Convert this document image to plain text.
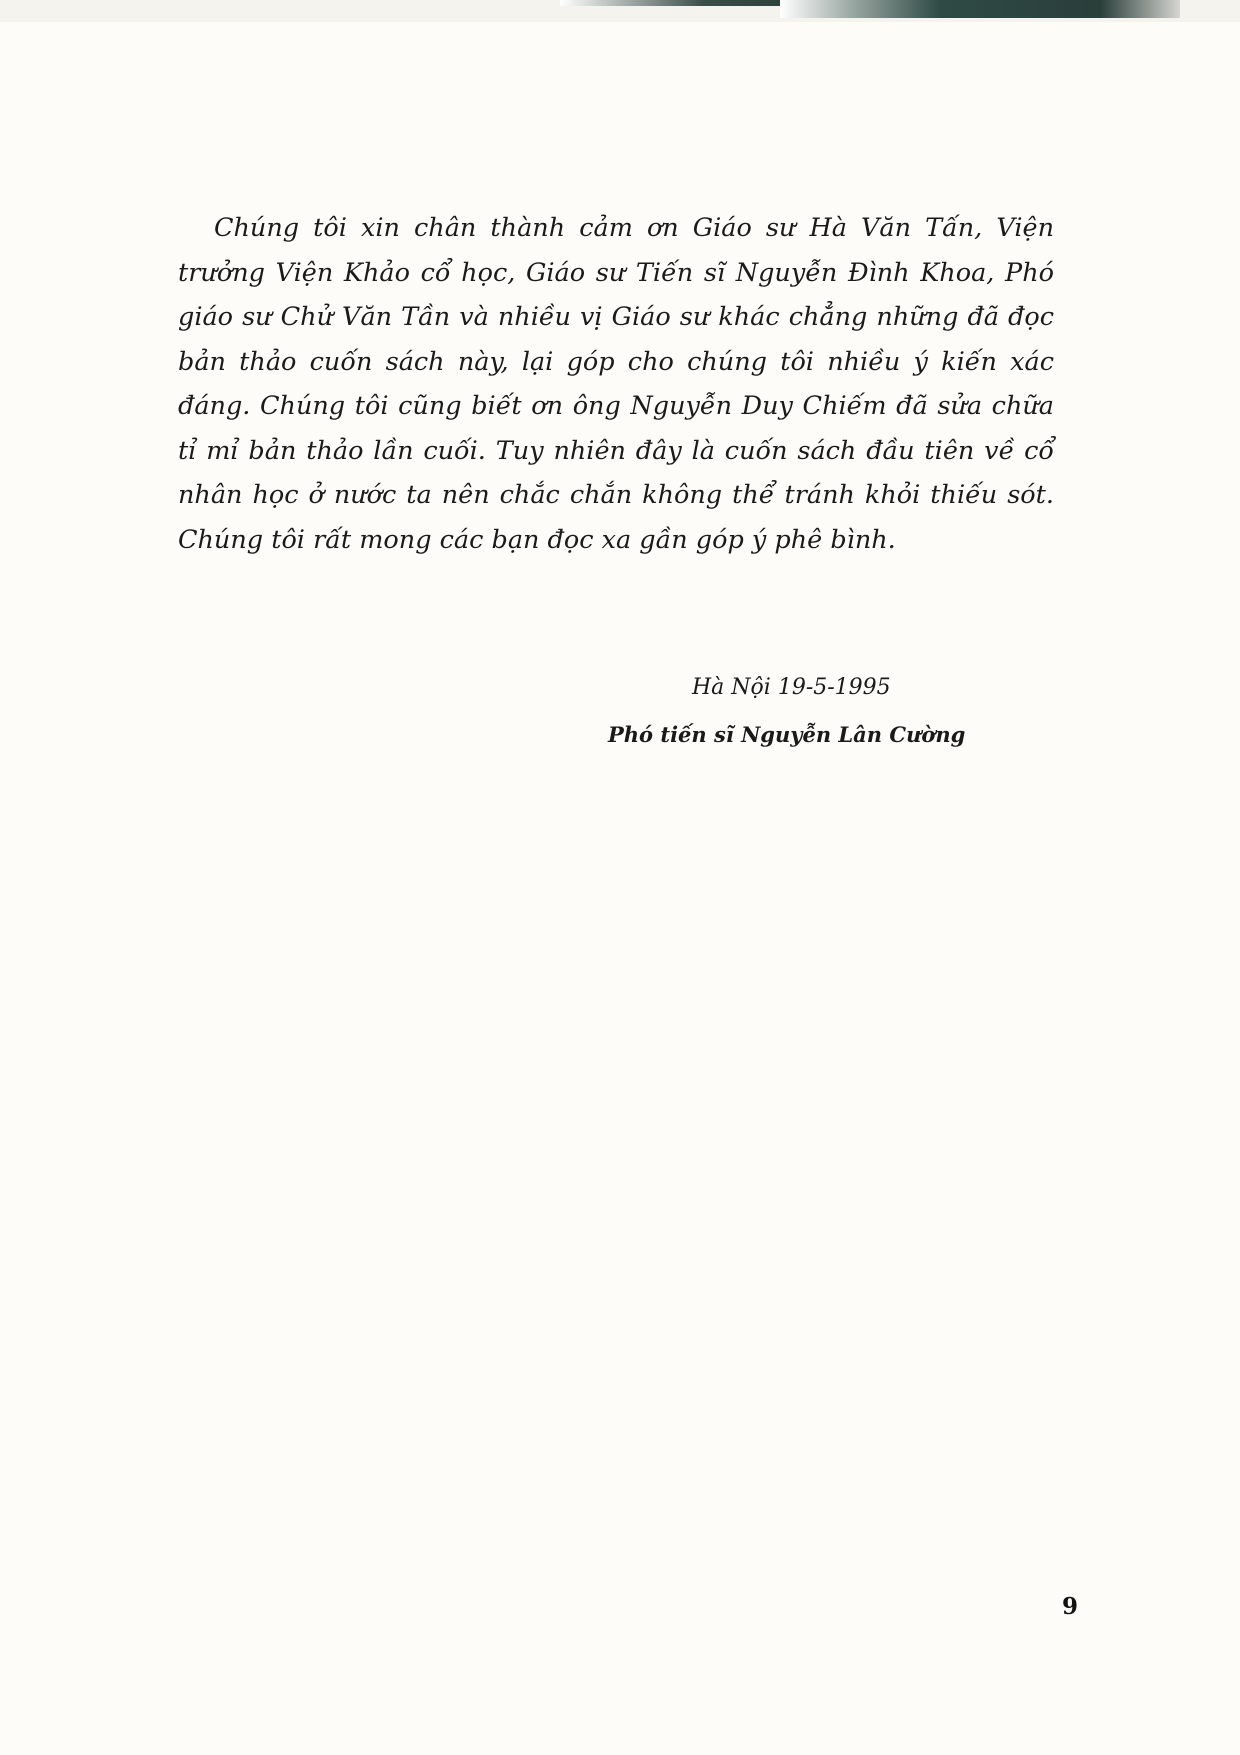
Chúng tôi xin chân thành cảm ơn Giáo sư Hà Văn Tấn, Viện trưởng Viện Khảo cổ học, Giáo sư Tiến sĩ Nguyễn Đình Khoa, Phó giáo sư Chử Văn Tần và nhiều vị Giáo sư khác chẳng những đã đọc bản thảo cuốn sách này, lại góp cho chúng tôi nhiều ý kiến xác đáng. Chúng tôi cũng biết ơn ông Nguyễn Duy Chiếm đã sửa chữa tỉ mỉ bản thảo lần cuối. Tuy nhiên đây là cuốn sách đầu tiên về cổ nhân học ở nước ta nên chắc chắn không thể tránh khỏi thiếu sót. Chúng tôi rất mong các bạn đọc xa gần góp ý phê bình.

Hà Nội 19-5-1995

Phó tiến sĩ Nguyễn Lân Cường

9
